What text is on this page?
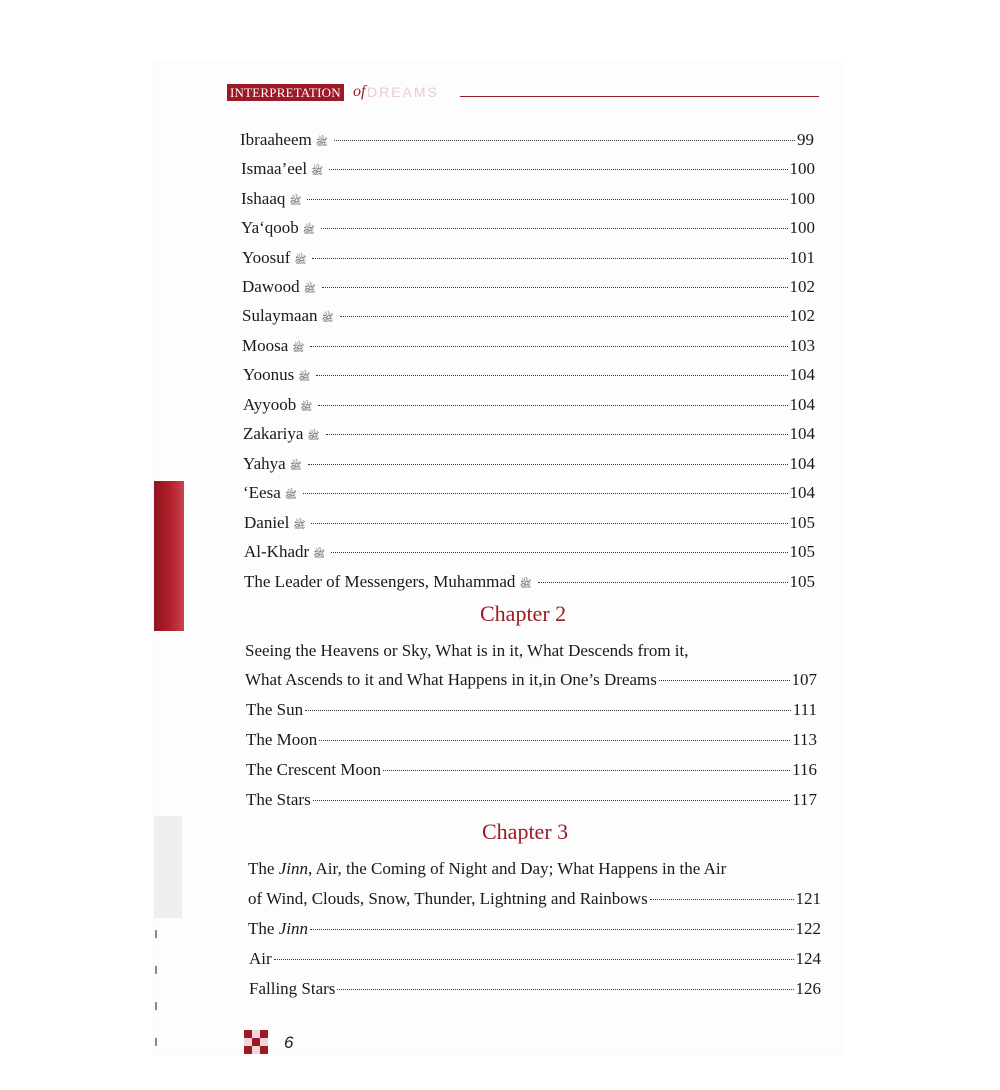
INTERPRETATION of DREAMS
Ibraaheem ﷺ	99
Ismaa’eel ﷺ	100
Ishaaq ﷺ	100
Ya‘qoob ﷺ	100
Yoosuf ﷺ	101
Dawood ﷺ	102
Sulaymaan ﷺ	102
Moosa ﷺ	103
Yoonus ﷺ	104
Ayyoob ﷺ	104
Zakariya ﷺ	104
Yahya ﷺ	104
‘Eesa ﷺ	104
Daniel ﷺ	105
Al-Khadr ﷺ	105
The Leader of Messengers, Muhammad ﷺ	105
Chapter 2
Seeing the Heavens or Sky, What is in it, What Descends from it,
What Ascends to it and What Happens in it,in One’s Dreams	107
The Sun	111
The Moon	113
The Crescent Moon	116
The Stars	117
Chapter 3
The Jinn, Air, the Coming of Night and Day; What Happens in the Air
of Wind, Clouds, Snow, Thunder, Lightning and Rainbows	121
The Jinn	122
Air	124
Falling Stars	126
6
